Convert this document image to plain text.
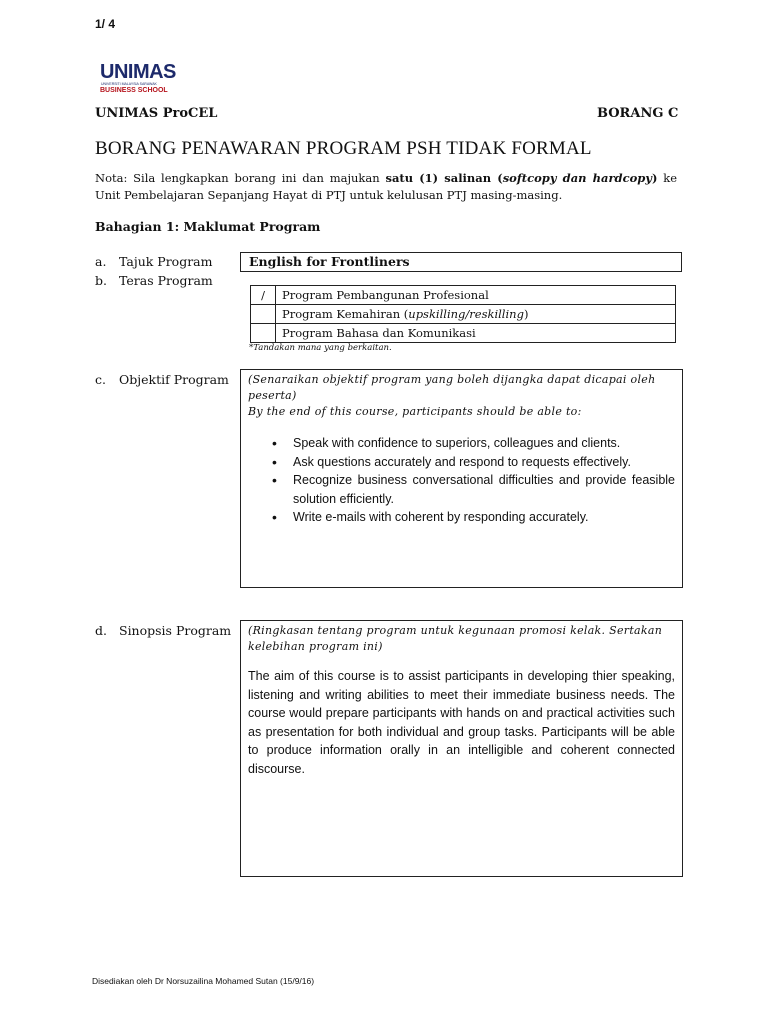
1/ 4
UNIMAS
UNIVERSITI MALAYSIA SARAWAK
BUSINESS SCHOOL
UNIMAS ProCEL	BORANG C
BORANG PENAWARAN PROGRAM PSH TIDAK FORMAL
Nota: Sila lengkapkan borang ini dan majukan satu (1) salinan (softcopy dan hardcopy) ke Unit Pembelajaran Sepanjang Hayat di PTJ untuk kelulusan PTJ masing-masing.
Bahagian 1: Maklumat Program
a. Tajuk Program	English for Frontliners
b. Teras Program
/	Program Pembangunan Profesional
	Program Kemahiran (upskilling/reskilling)
	Program Bahasa dan Komunikasi
*Tandakan mana yang berkaitan.
c. Objektif Program (Senaraikan objektif program yang boleh dijangka dapat dicapai oleh peserta)
By the end of this course, participants should be able to:
• Speak with confidence to superiors, colleagues and clients.
• Ask questions accurately and respond to requests effectively.
• Recognize business conversational difficulties and provide feasible solution efficiently.
• Write e-mails with coherent by responding accurately.
d. Sinopsis Program (Ringkasan tentang program untuk kegunaan promosi kelak. Sertakan kelebihan program ini)
The aim of this course is to assist participants in developing thier speaking, listening and writing abilities to meet their immediate business needs. The course would prepare participants with hands on and practical activities such as presentation for both individual and group tasks. Participants will be able to produce information orally in an intelligible and coherent connected discourse.
Disediakan oleh Dr Norsuzailina Mohamed Sutan (15/9/16)
